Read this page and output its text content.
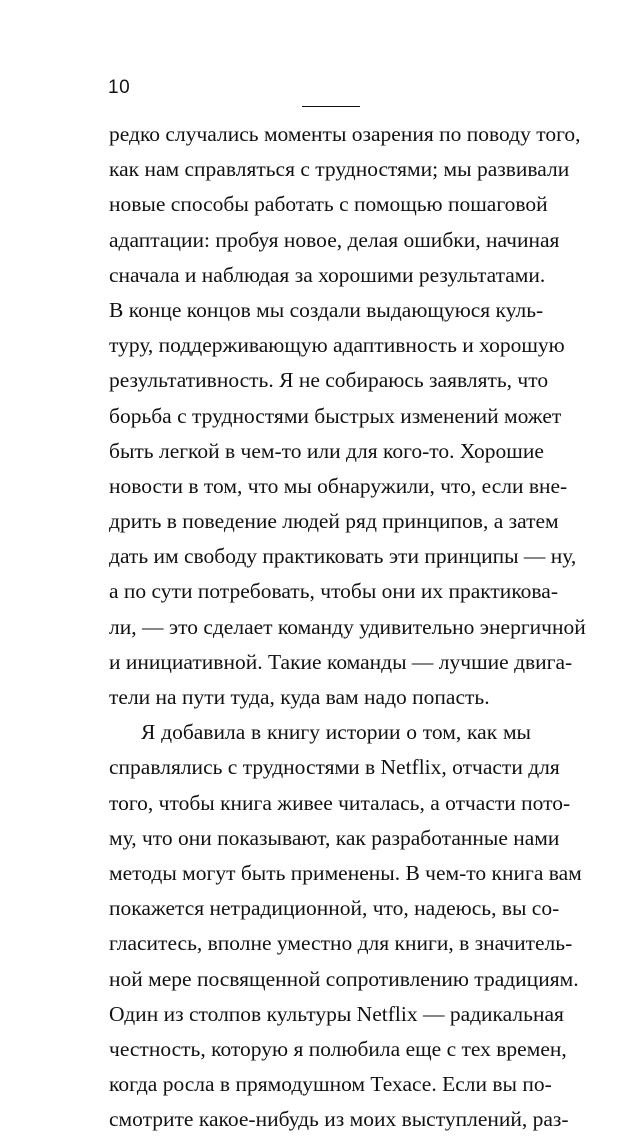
10
редко случались моменты озарения по поводу того,
как нам справляться с трудностями; мы развивали
новые способы работать с помощью пошаговой
адаптации: пробуя новое, делая ошибки, начиная
сначала и наблюдая за хорошими результатами.
В конце концов мы создали выдающуюся куль-
туру, поддерживающую адаптивность и хорошую
результативность. Я не собираюсь заявлять, что
борьба с трудностями быстрых изменений может
быть легкой в чем-то или для кого-то. Хорошие
новости в том, что мы обнаружили, что, если вне-
дрить в поведение людей ряд принципов, а затем
дать им свободу практиковать эти принципы — ну,
а по сути потребовать, чтобы они их практикова-
ли, — это сделает команду удивительно энергичной
и инициативной. Такие команды — лучшие двига-
тели на пути туда, куда вам надо попасть.
Я добавила в книгу истории о том, как мы
справлялись с трудностями в Netflix, отчасти для
того, чтобы книга живее читалась, а отчасти пото-
му, что они показывают, как разработанные нами
методы могут быть применены. В чем-то книга вам
покажется нетрадиционной, что, надеюсь, вы со-
гласитесь, вполне уместно для книги, в значитель-
ной мере посвященной сопротивлению традициям.
Один из столпов культуры Netflix — радикальная
честность, которую я полюбила еще с тех времен,
когда росла в прямодушном Техасе. Если вы по-
смотрите какое-нибудь из моих выступлений, раз-
